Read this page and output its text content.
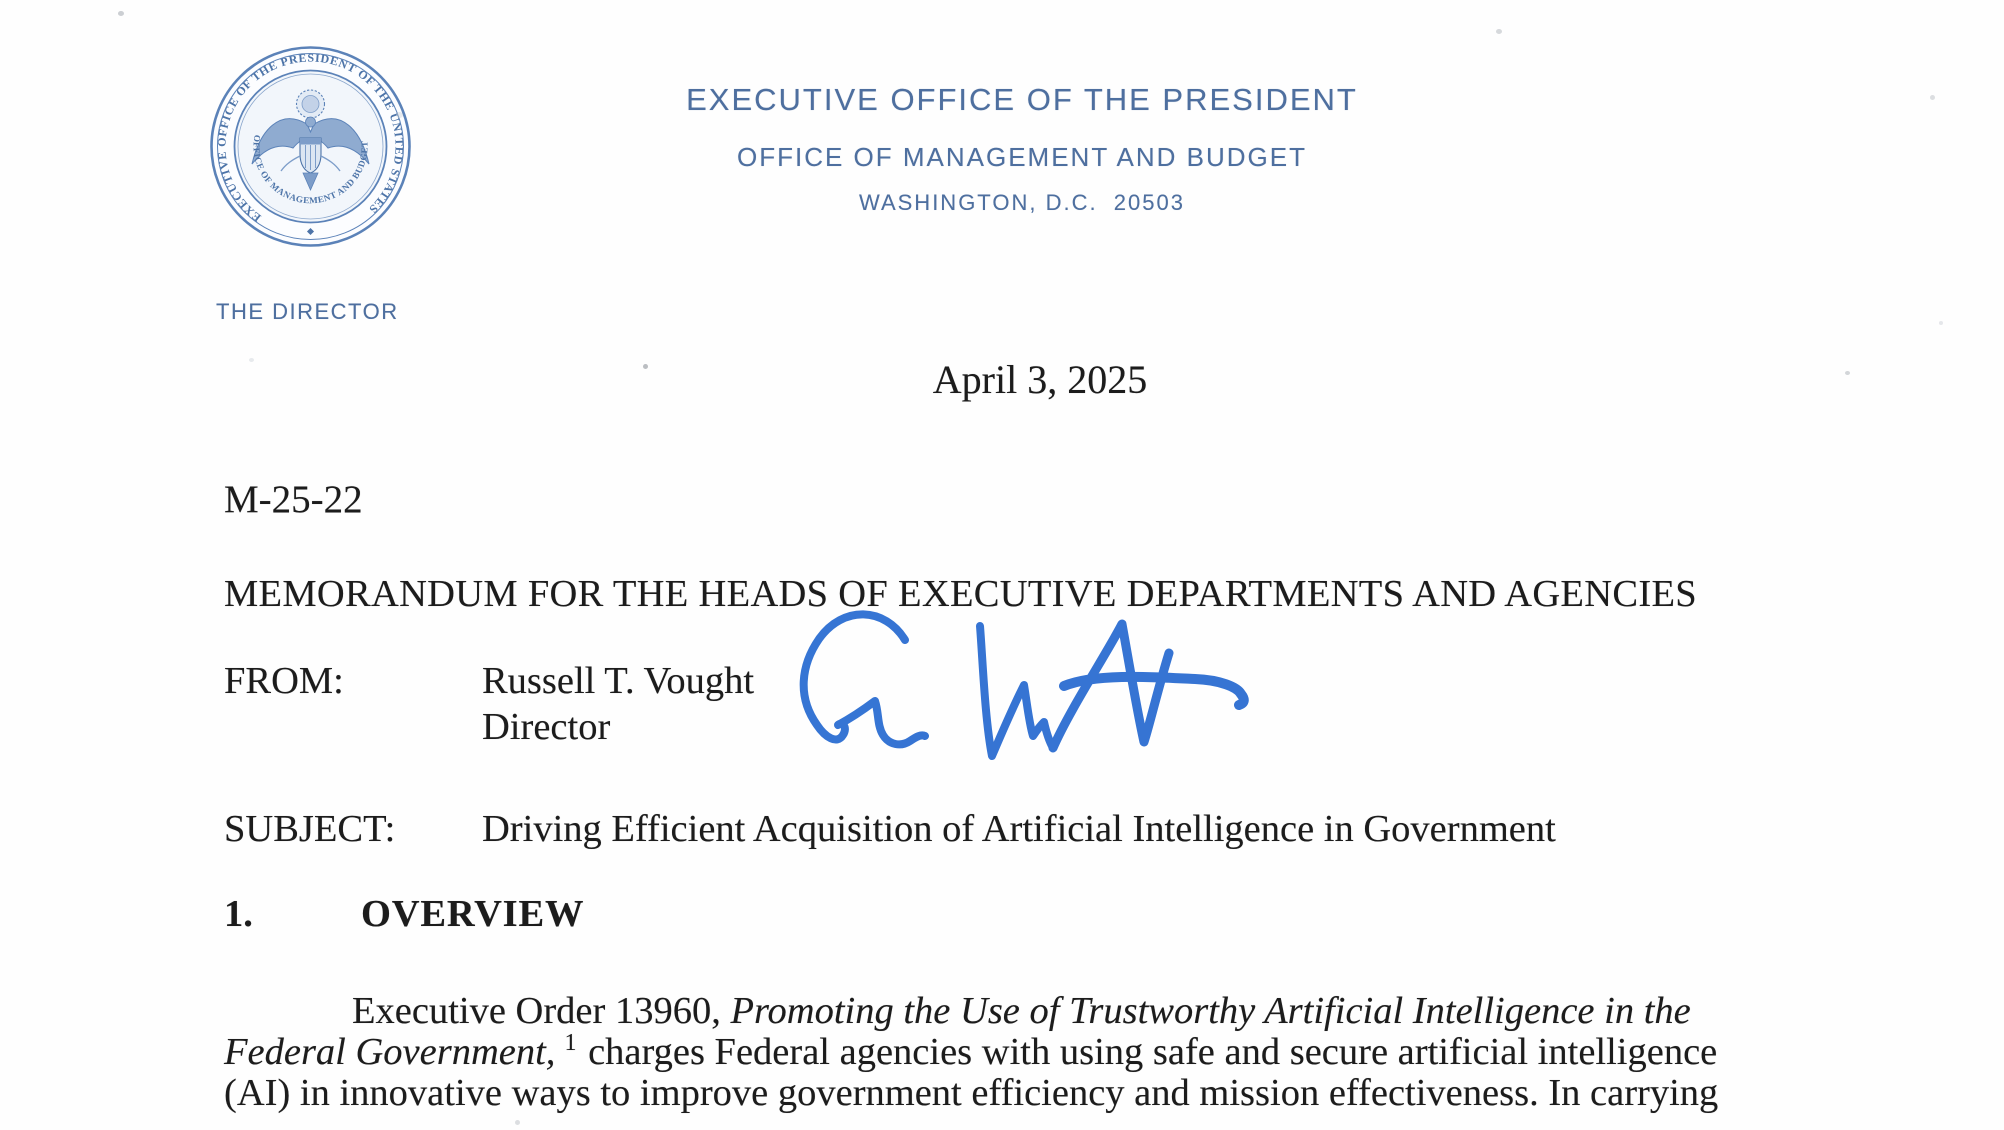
EXECUTIVE OFFICE OF THE PRESIDENT OF THE UNITED STATES
OFFICE OF MANAGEMENT AND BUDGET
EXECUTIVE OFFICE OF THE PRESIDENT
OFFICE OF MANAGEMENT AND BUDGET
WASHINGTON, D.C.  20503
THE DIRECTOR
April 3, 2025
M-25-22
MEMORANDUM FOR THE HEADS OF EXECUTIVE DEPARTMENTS AND AGENCIES
FROM:	Russell T. Vought
Director
SUBJECT: Driving Efficient Acquisition of Artificial Intelligence in Government
1.	OVERVIEW
Executive Order 13960, Promoting the Use of Trustworthy Artificial Intelligence in the
Federal Government, $^1$ charges Federal agencies with using safe and secure artificial intelligence
(AI) in innovative ways to improve government efficiency and mission effectiveness. In carrying
